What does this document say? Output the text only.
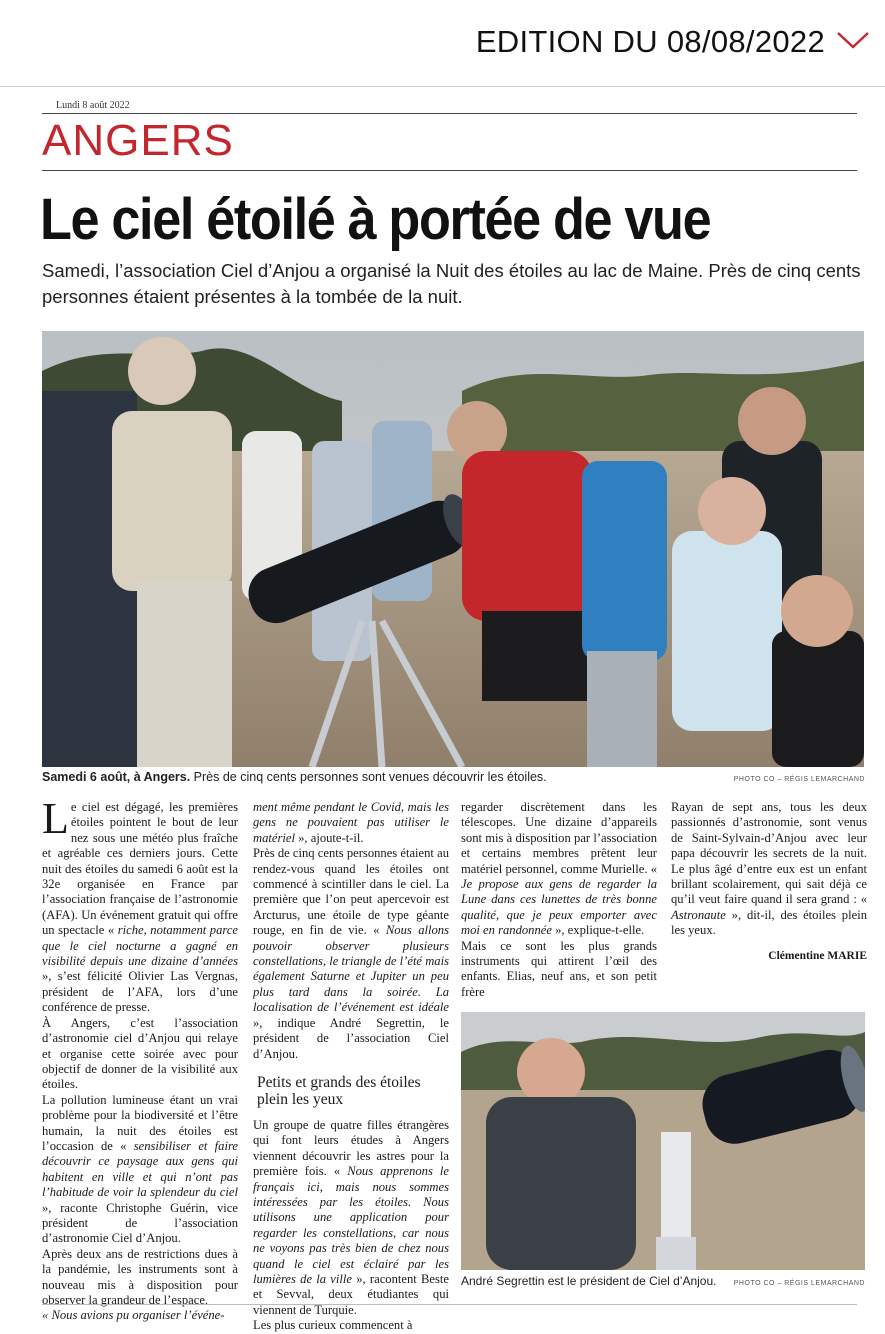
EDITION DU 08/08/2022
Lundi 8 août 2022
ANGERS
Le ciel étoilé à portée de vue
Samedi, l’association Ciel d’Anjou a organisé la Nuit des étoiles au lac de Maine. Près de cinq cents personnes étaient présentes à la tombée de la nuit.
Samedi 6 août, à Angers. Près de cinq cents personnes sont venues découvrir les étoiles.	PHOTO CO – RÉGIS LEMARCHAND

Le ciel est dégagé, les premières étoiles pointent le bout de leur nez sous une météo plus fraîche et agréable ces derniers jours. Cette nuit des étoiles du samedi 6 août est la 32e organisée en France par l’association française de l’astronomie (AFA). Un événement gratuit qui offre un spectacle « riche, notamment parce que le ciel nocturne a gagné en visibilité depuis une dizaine d’années », s’est félicité Olivier Las Vergnas, président de l’AFA, lors d’une conférence de presse.

À Angers, c’est l’association d’astronomie ciel d’Anjou qui relaye et organise cette soirée avec pour objectif de donner de la visibilité aux étoiles.

La pollution lumineuse étant un vrai problème pour la biodiversité et l’être humain, la nuit des étoiles est l’occasion de « sensibiliser et faire découvrir ce paysage aux gens qui habitent en ville et qui n’ont pas l’habitude de voir la splendeur du ciel », raconte Christophe Guérin, vice président de l’association d’astronomie Ciel d’Anjou.

Après deux ans de restrictions dues à la pandémie, les instruments sont à nouveau mis à disposition pour observer la grandeur de l’espace.

« Nous avions pu organiser l’événe-

ment même pendant le Covid, mais les gens ne pouvaient pas utiliser le matériel », ajoute-t-il.

Près de cinq cents personnes étaient au rendez-vous quand les étoiles ont commencé à scintiller dans le ciel. La première que l’on peut apercevoir est Arcturus, une étoile de type géante rouge, en fin de vie. « Nous allons pouvoir observer plusieurs constellations, le triangle de l’été mais également Saturne et Jupiter un peu plus tard dans la soirée. La localisation de l’événement est idéale », indique André Segrettin, le président de l’association Ciel d’Anjou.

Petits et grands des étoiles plein les yeux

Un groupe de quatre filles étrangères qui font leurs études à Angers viennent découvrir les astres pour la première fois. « Nous apprenons le français ici, mais nous sommes intéressées par les étoiles. Nous utilisons une application pour regarder les constellations, car nous ne voyons pas très bien de chez nous quand le ciel est éclairé par les lumières de la ville », racontent Beste et Sevval, deux étudiantes qui viennent de Turquie.

Les plus curieux commencent à

regarder discrètement dans les télescopes. Une dizaine d’appareils sont mis à disposition par l’association et certains membres prêtent leur matériel personnel, comme Murielle. « Je propose aux gens de regarder la Lune dans ces lunettes de très bonne qualité, que je peux emporter avec moi en randonnée », explique-t-elle.

Mais ce sont les plus grands instruments qui attirent l’œil des enfants. Elias, neuf ans, et son petit frère

Rayan de sept ans, tous les deux passionnés d’astronomie, sont venus de Saint-Sylvain-d’Anjou avec leur papa découvrir les secrets de la nuit. Le plus âgé d’entre eux est un enfant brillant scolairement, qui sait déjà ce qu’il veut faire quand il sera grand : « Astronaute », dit-il, des étoiles plein les yeux.

Clémentine MARIE
André Segrettin est le président de Ciel d’Anjou. PHOTO CO – RÉGIS LEMARCHAND
